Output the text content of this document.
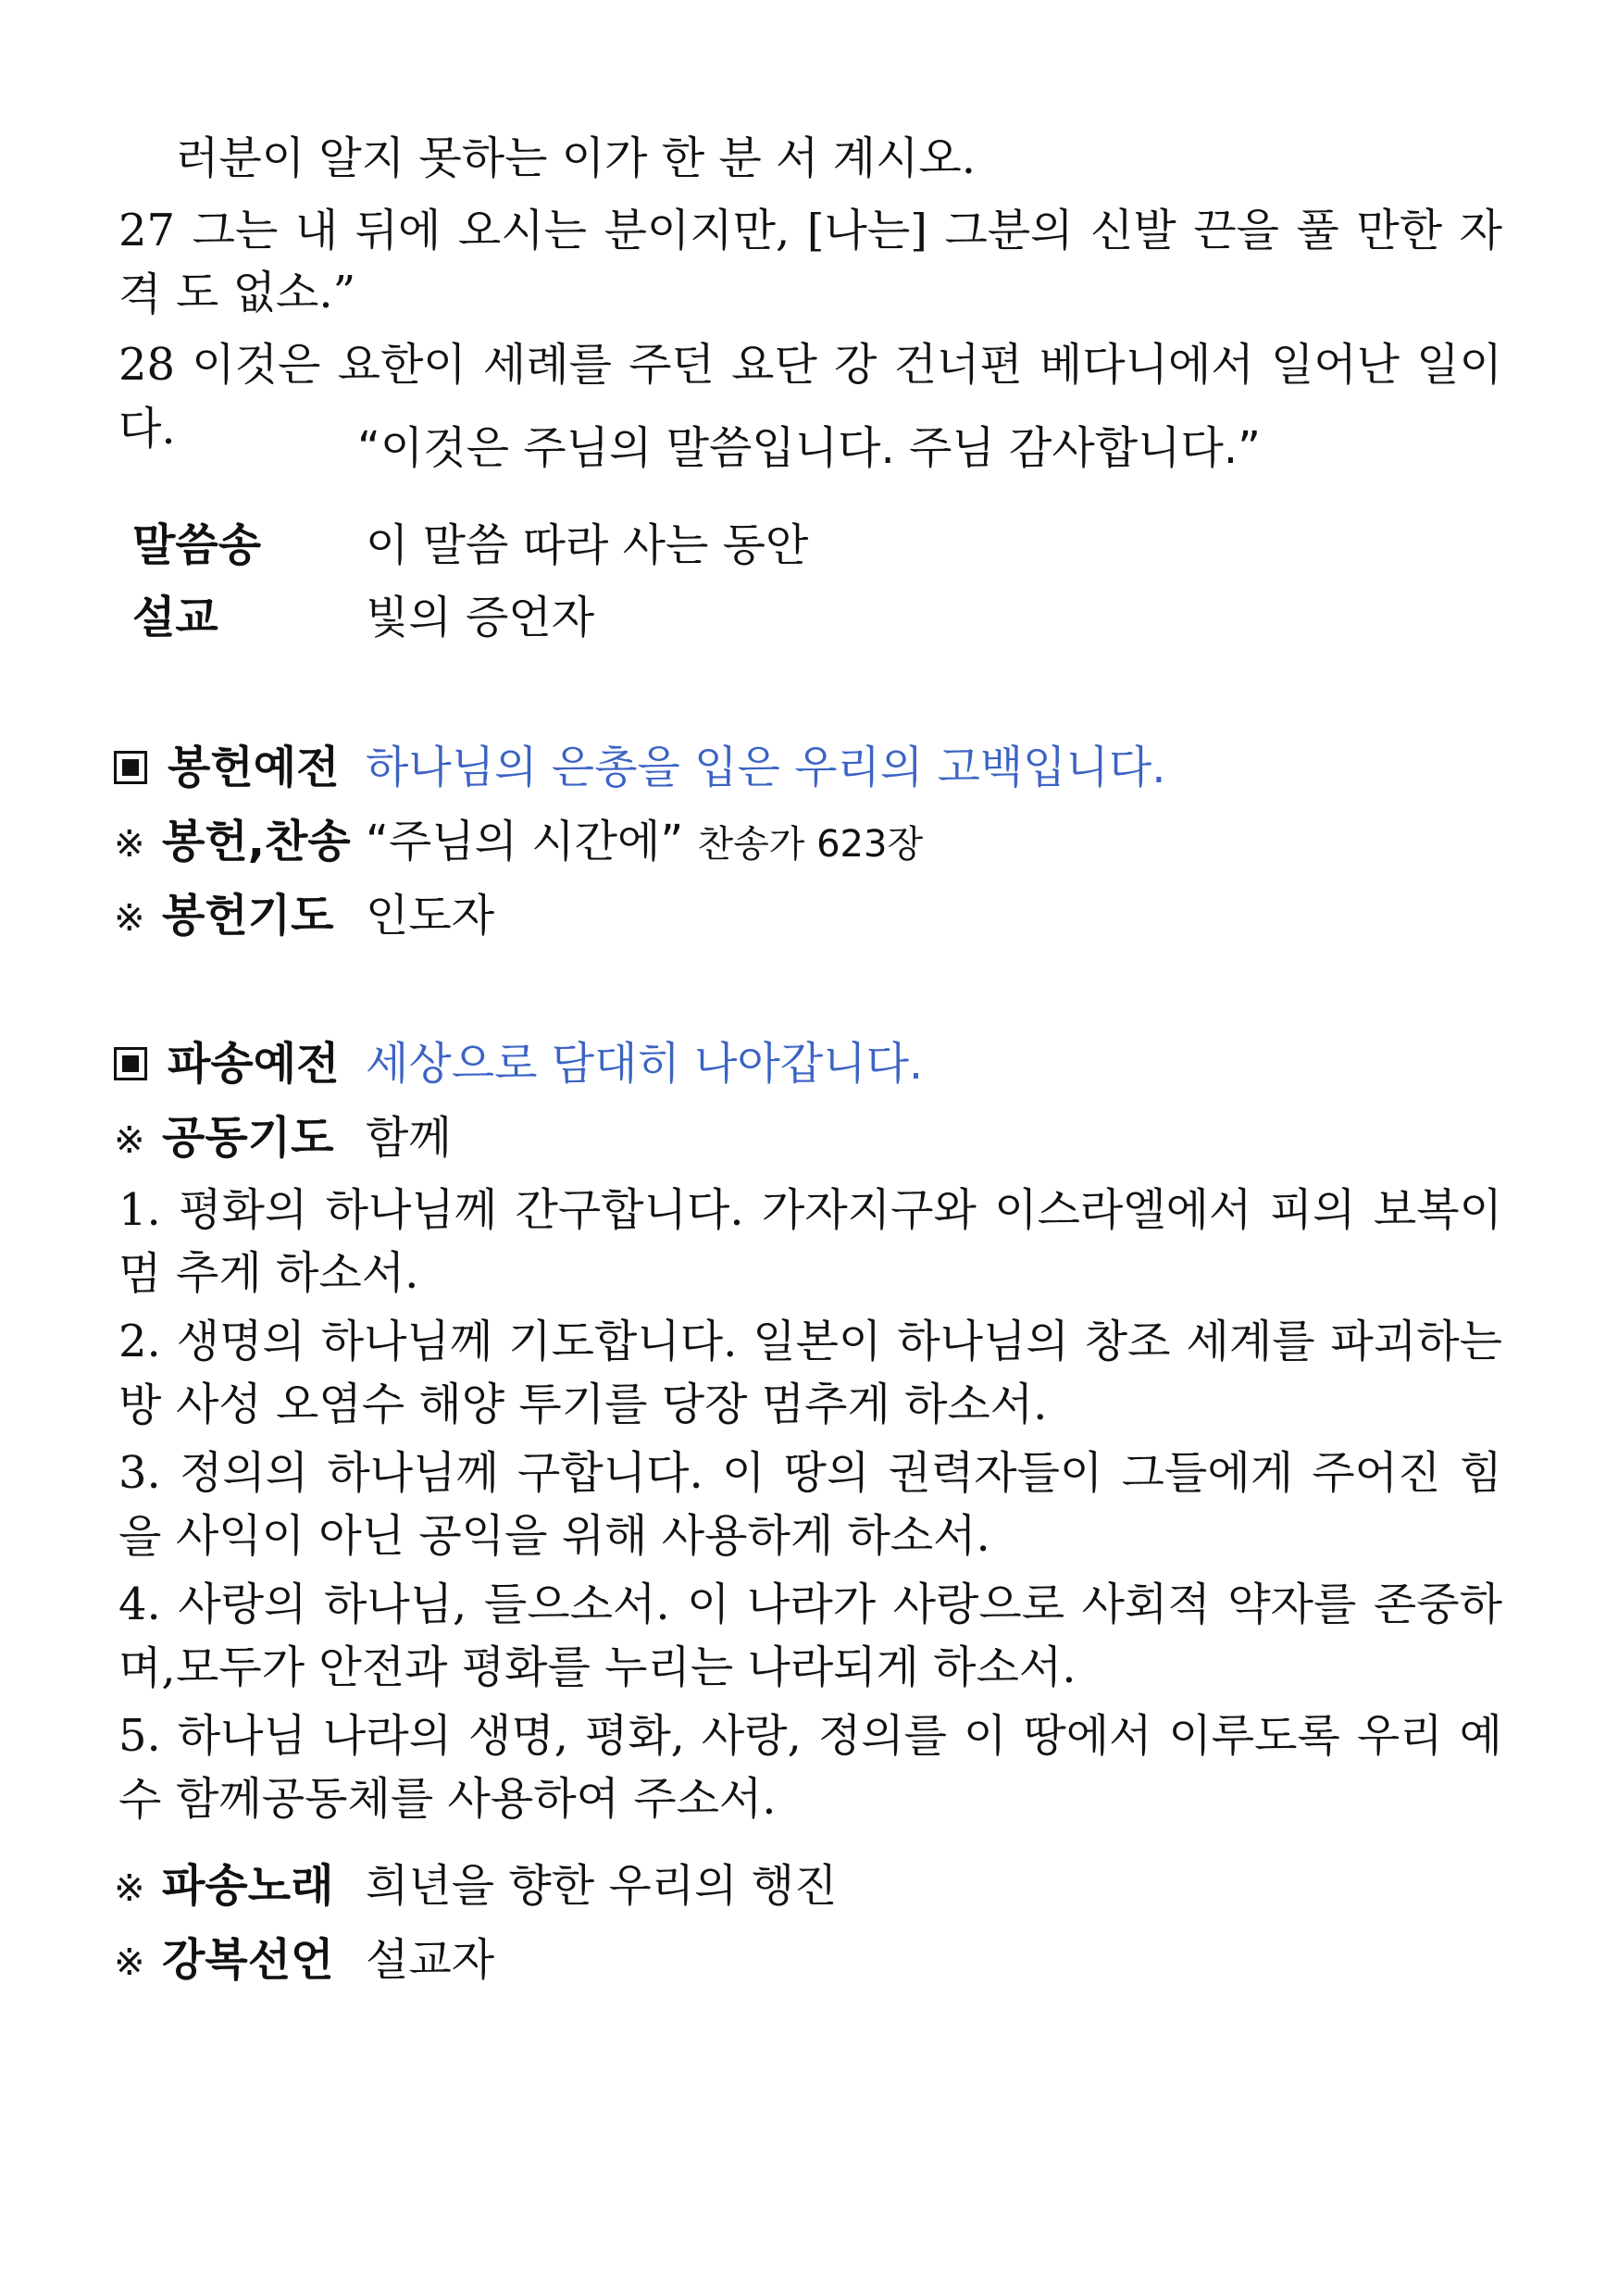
러분이 알지 못하는 이가 한 분 서 계시오.
27 그는 내 뒤에 오시는 분이지만, [나는] 그분의 신발 끈을 풀 만한 자격 도 없소.”
28 이것은 요한이 세례를 주던 요단 강 건너편 베다니에서 일어난 일이다.	“이것은 주님의 말씀입니다. 주님 감사합니다.”
말씀송 이 말씀 따라 사는 동안
설교	빛의 증언자
봉헌예전 하나님의 은총을 입은 우리의 고백입니다.
※ 봉헌,찬송 “주님의 시간에” 찬송가 623장
※ 봉헌기도 인도자
파송예전 세상으로 담대히 나아갑니다.
※ 공동기도 함께
1. 평화의 하나님께 간구합니다. 가자지구와 이스라엘에서 피의 보복이 멈 추게 하소서.
2. 생명의 하나님께 기도합니다. 일본이 하나님의 창조 세계를 파괴하는 방 사성 오염수 해양 투기를 당장 멈추게 하소서.
3. 정의의 하나님께 구합니다. 이 땅의 권력자들이 그들에게 주어진 힘을 사익이 아닌 공익을 위해 사용하게 하소서.
4. 사랑의 하나님, 들으소서. 이 나라가 사랑으로 사회적 약자를 존중하며, 모두가 안전과 평화를 누리는 나라되게 하소서.
5. 하나님 나라의 생명, 평화, 사랑, 정의를 이 땅에서 이루도록 우리 예수 함께공동체를 사용하여 주소서.
※ 파송노래 희년을 향한 우리의 행진
※ 강복선언 설교자
